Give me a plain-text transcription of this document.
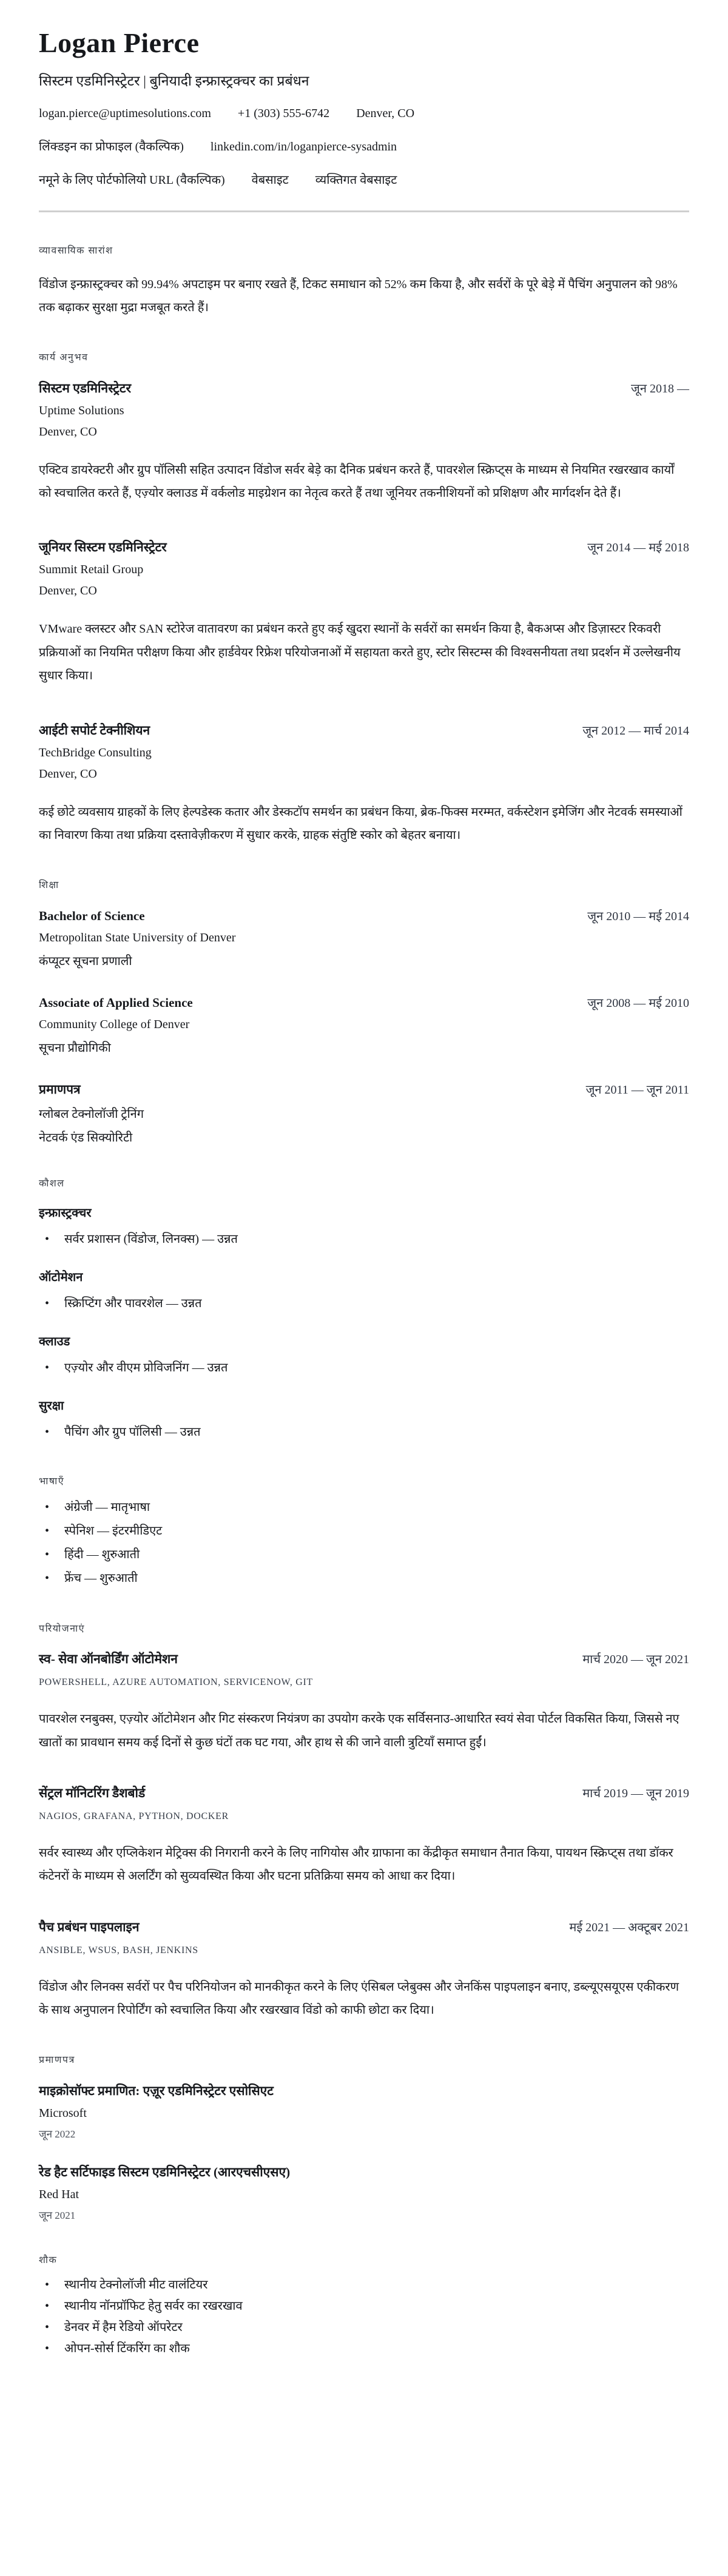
Logan Pierce
सिस्टम एडमिनिस्ट्रेटर | बुनियादी इन्फ्रास्ट्रक्चर का प्रबंधन
logan.pierce@uptimesolutions.com +1 (303) 555-6742 Denver, CO
लिंक्डइन का प्रोफाइल (वैकल्पिक) linkedin.com/in/loganpierce-sysadmin
नमूने के लिए पोर्टफोलियो URL (वैकल्पिक) वेबसाइट व्यक्तिगत वेबसाइट
व्यावसायिक सारांश

विंडोज इन्फ्रास्ट्रक्चर को 99.94% अपटाइम पर बनाए रखते हैं, टिकट समाधान को 52% कम किया है, और सर्वरों के पूरे बेड़े में पैचिंग अनुपालन को 98% तक बढ़ाकर सुरक्षा मुद्रा मजबूत करते हैं।

कार्य अनुभव
सिस्टम एडमिनिस्ट्रेटर	जून 2018 —
Uptime Solutions
Denver, CO

एक्टिव डायरेक्टरी और ग्रुप पॉलिसी सहित उत्पादन विंडोज सर्वर बेड़े का दैनिक प्रबंधन करते हैं, पावरशेल स्क्रिप्ट्स के माध्यम से नियमित रखरखाव कार्यों को स्वचालित करते हैं, एज़्योर क्लाउड में वर्कलोड माइग्रेशन का नेतृत्व करते हैं तथा जूनियर तकनीशियनों को प्रशिक्षण और मार्गदर्शन देते हैं।

जूनियर सिस्टम एडमिनिस्ट्रेटर	जून 2014 — मई 2018
Summit Retail Group
Denver, CO

VMware क्लस्टर और SAN स्टोरेज वातावरण का प्रबंधन करते हुए कई खुदरा स्थानों के सर्वरों का समर्थन किया है, बैकअप्स और डिज़ास्टर रिकवरी प्रक्रियाओं का नियमित परीक्षण किया और हार्डवेयर रिफ्रेश परियोजनाओं में सहायता करते हुए, स्टोर सिस्टम्स की विश्वसनीयता तथा प्रदर्शन में उल्लेखनीय सुधार किया।

आईटी सपोर्ट टेक्नीशियन	जून 2012 — मार्च 2014
TechBridge Consulting
Denver, CO

कई छोटे व्यवसाय ग्राहकों के लिए हेल्पडेस्क कतार और डेस्कटॉप समर्थन का प्रबंधन किया, ब्रेक-फिक्स मरम्मत, वर्कस्टेशन इमेजिंग और नेटवर्क समस्याओं का निवारण किया तथा प्रक्रिया दस्तावेज़ीकरण में सुधार करके, ग्राहक संतुष्टि स्कोर को बेहतर बनाया।

शिक्षा
Bachelor of Science	जून 2010 — मई 2014
Metropolitan State University of Denver
कंप्यूटर सूचना प्रणाली
Associate of Applied Science	जून 2008 — मई 2010
Community College of Denver
सूचना प्रौद्योगिकी
प्रमाणपत्र	जून 2011 — जून 2011
ग्लोबल टेक्नोलॉजी ट्रेनिंग
नेटवर्क एंड सिक्योरिटी
कौशल
इन्फ्रास्ट्रक्चर
• सर्वर प्रशासन (विंडोज, लिनक्स) — उन्नत
ऑटोमेशन
• स्क्रिप्टिंग और पावरशेल — उन्नत
क्लाउड
• एज़्योर और वीएम प्रोविजनिंग — उन्नत
सुरक्षा
• पैचिंग और ग्रुप पॉलिसी — उन्नत
भाषाएँ
• अंग्रेजी — मातृभाषा
• स्पेनिश — इंटरमीडिएट
• हिंदी — शुरुआती
• फ्रेंच — शुरुआती
परियोजनाएं
स्व- सेवा ऑनबोर्डिंग ऑटोमेशन	मार्च 2020 — जून 2021
POWERSHELL, AZURE AUTOMATION, SERVICENOW, GIT

पावरशेल रनबुक्स, एज़्योर ऑटोमेशन और गिट संस्करण नियंत्रण का उपयोग करके एक सर्विसनाउ-आधारित स्वयं सेवा पोर्टल विकसित किया, जिससे नए खातों का प्रावधान समय कई दिनों से कुछ घंटों तक घट गया, और हाथ से की जाने वाली त्रुटियाँ समाप्त हुईं।

सेंट्रल मॉनिटरिंग डैशबोर्ड	मार्च 2019 — जून 2019
NAGIOS, GRAFANA, PYTHON, DOCKER

सर्वर स्वास्थ्य और एप्लिकेशन मेट्रिक्स की निगरानी करने के लिए नागियोस और ग्राफाना का केंद्रीकृत समाधान तैनात किया, पायथन स्क्रिप्ट्स तथा डॉकर कंटेनरों के माध्यम से अलर्टिंग को सुव्यवस्थित किया और घटना प्रतिक्रिया समय को आधा कर दिया।

पैच प्रबंधन पाइपलाइन	मई 2021 — अक्टूबर 2021
ANSIBLE, WSUS, BASH, JENKINS

विंडोज और लिनक्स सर्वरों पर पैच परिनियोजन को मानकीकृत करने के लिए एंसिबल प्लेबुक्स और जेनकिंस पाइपलाइन बनाए, डब्ल्यूएसयूएस एकीकरण के साथ अनुपालन रिपोर्टिंग को स्वचालित किया और रखरखाव विंडो को काफी छोटा कर दिया।

प्रमाणपत्र
माइक्रोसॉफ्ट प्रमाणित: एज़ूर एडमिनिस्ट्रेटर एसोसिएट
Microsoft
जून 2022
रेड हैट सर्टिफाइड सिस्टम एडमिनिस्ट्रेटर (आरएचसीएसए)
Red Hat
जून 2021
शौक
• स्थानीय टेक्नोलॉजी मीट वालंटियर
• स्थानीय नॉनप्रॉफिट हेतु सर्वर का रखरखाव
• डेनवर में हैम रेडियो ऑपरेटर
• ओपन-सोर्स टिंकरिंग का शौक
